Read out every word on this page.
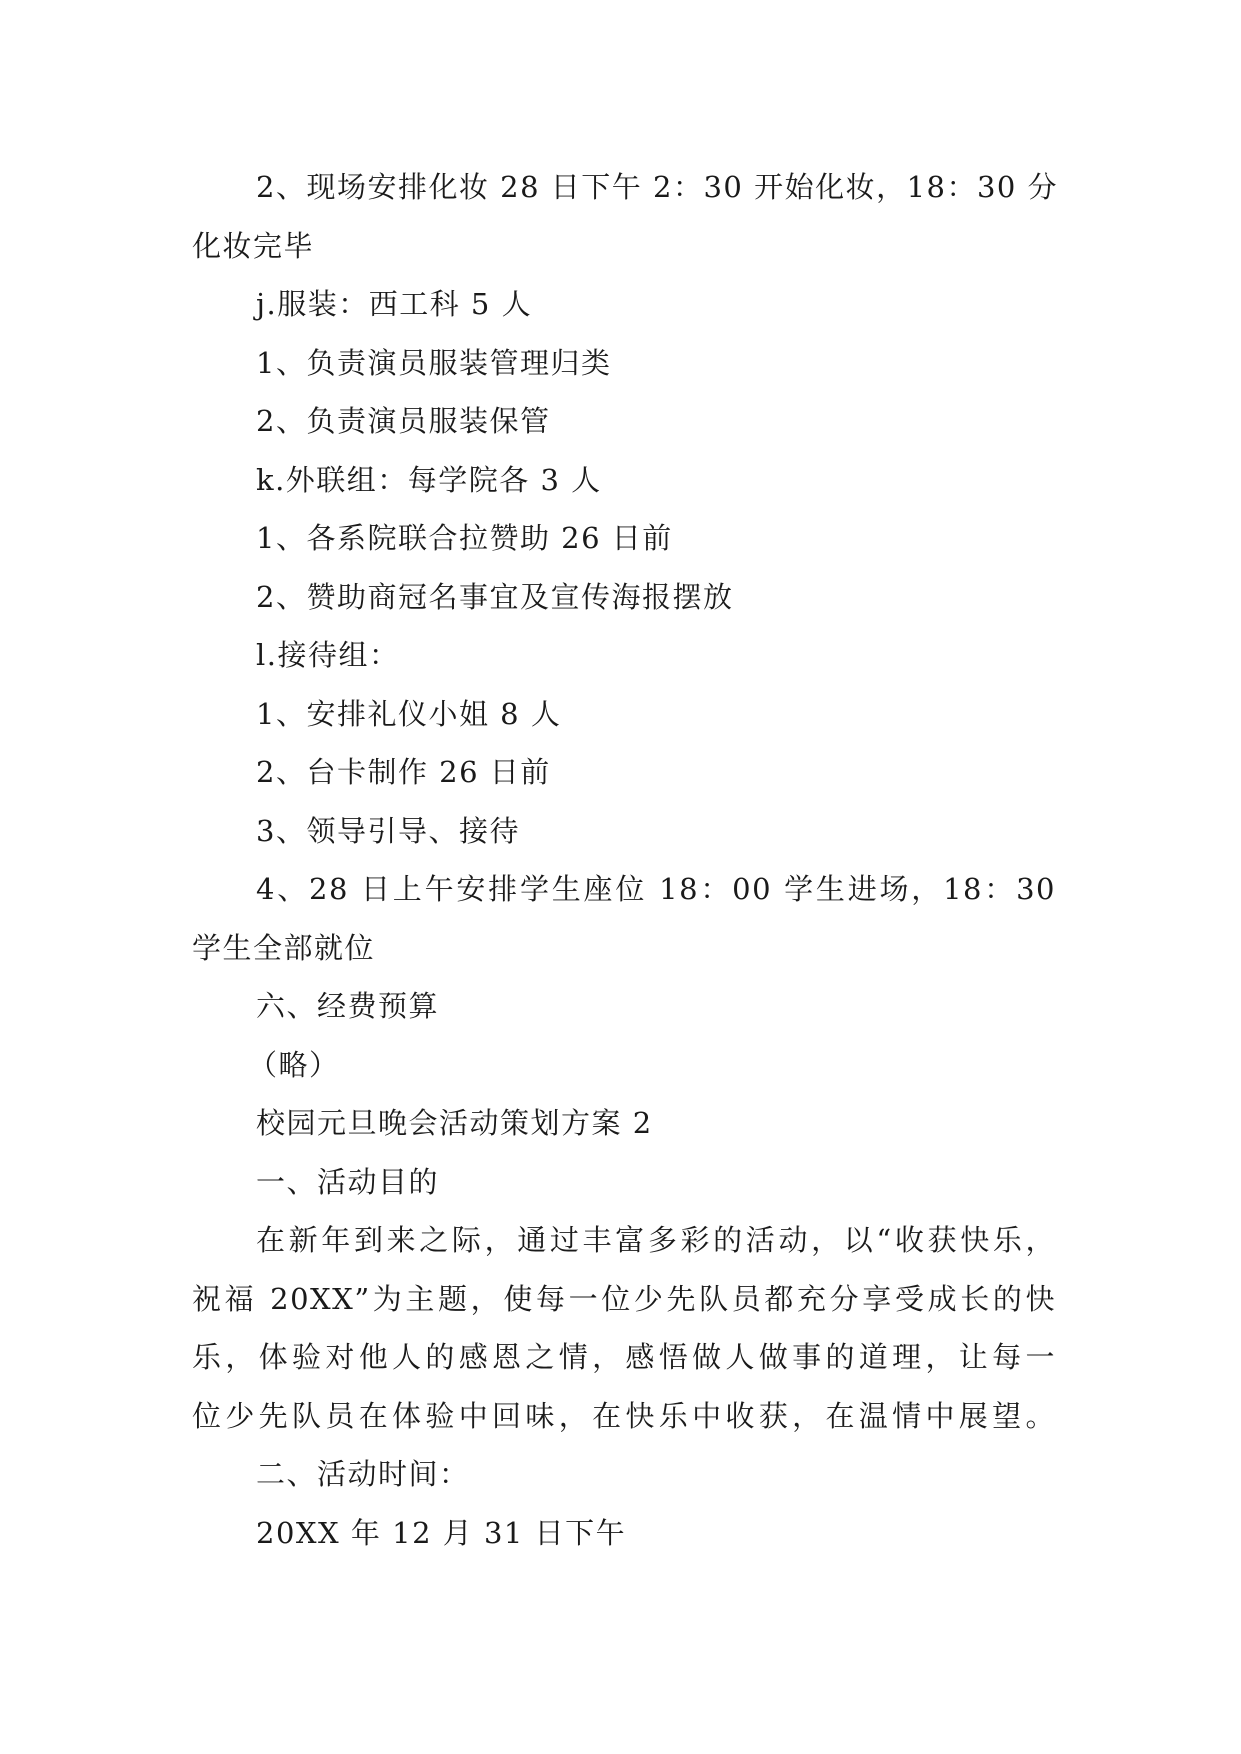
2、现场安排化妆 28 日下午 2：30 开始化妆，18：30 分

化妆完毕

j.服装：西工科 5 人

1、负责演员服装管理归类

2、负责演员服装保管

k.外联组：每学院各 3 人

1、各系院联合拉赞助 26 日前

2、赞助商冠名事宜及宣传海报摆放

l.接待组：

1、安排礼仪小姐 8 人

2、台卡制作 26 日前

3、领导引导、接待

4、28 日上午安排学生座位 18：00 学生进场，18：30

学生全部就位

六、经费预算

（略）

校园元旦晚会活动策划方案 2

一、活动目的

在新年到来之际，通过丰富多彩的活动，以“收获快乐，

祝福 20XX”为主题，使每一位少先队员都充分享受成长的快

乐，体验对他人的感恩之情，感悟做人做事的道理，让每一

位少先队员在体验中回味，在快乐中收获，在温情中展望。

二、活动时间：

20XX 年 12 月 31 日下午
